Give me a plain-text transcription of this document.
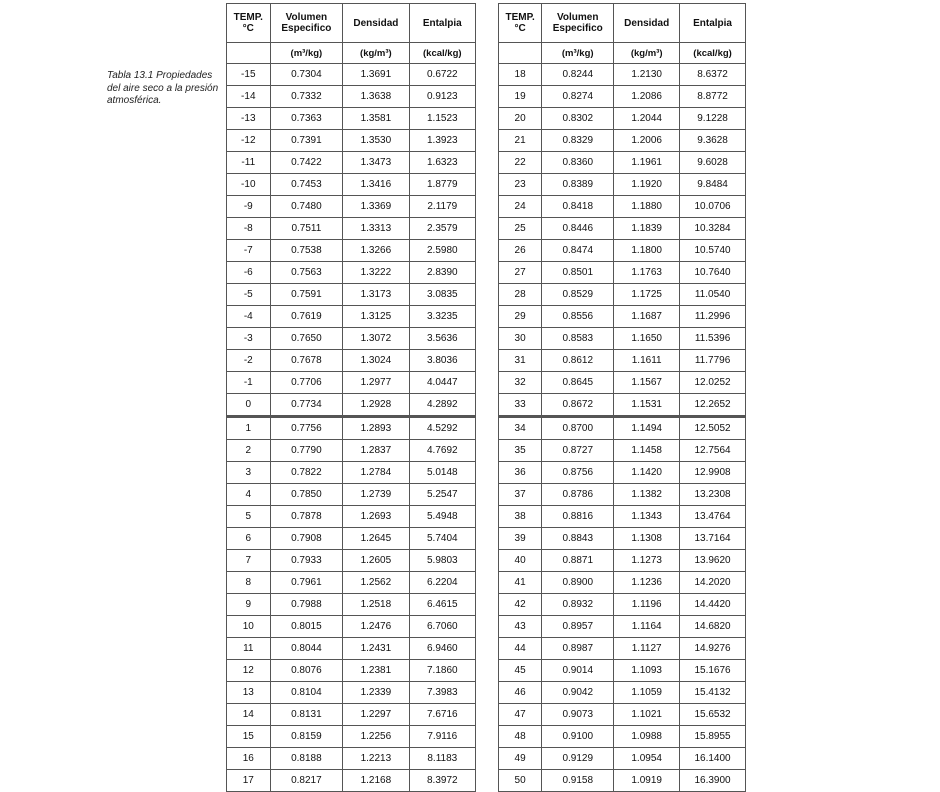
Tabla 13.1 Propiedades del aire seco a la presión atmosférica.
TEMP. °C	Volumen Especifico	Densidad	Entalpia
	(m³/kg)	(kg/m³)	(kcal/kg)
-15	0.7304	1.3691	0.6722
-14	0.7332	1.3638	0.9123
-13	0.7363	1.3581	1.1523
-12	0.7391	1.3530	1.3923
-11	0.7422	1.3473	1.6323
-10	0.7453	1.3416	1.8779
-9	0.7480	1.3369	2.1179
-8	0.7511	1.3313	2.3579
-7	0.7538	1.3266	2.5980
-6	0.7563	1.3222	2.8390
-5	0.7591	1.3173	3.0835
-4	0.7619	1.3125	3.3235
-3	0.7650	1.3072	3.5636
-2	0.7678	1.3024	3.8036
-1	0.7706	1.2977	4.0447
0	0.7734	1.2928	4.2892
1	0.7756	1.2893	4.5292
2	0.7790	1.2837	4.7692
3	0.7822	1.2784	5.0148
4	0.7850	1.2739	5.2547
5	0.7878	1.2693	5.4948
6	0.7908	1.2645	5.7404
7	0.7933	1.2605	5.9803
8	0.7961	1.2562	6.2204
9	0.7988	1.2518	6.4615
10	0.8015	1.2476	6.7060
11	0.8044	1.2431	6.9460
12	0.8076	1.2381	7.1860
13	0.8104	1.2339	7.3983
14	0.8131	1.2297	7.6716
15	0.8159	1.2256	7.9116
16	0.8188	1.2213	8.1183
17	0.8217	1.2168	8.3972
TEMP. °C	Volumen Especifico	Densidad	Entalpia
	(m³/kg)	(kg/m³)	(kcal/kg)
18	0.8244	1.2130	8.6372
19	0.8274	1.2086	8.8772
20	0.8302	1.2044	9.1228
21	0.8329	1.2006	9.3628
22	0.8360	1.1961	9.6028
23	0.8389	1.1920	9.8484
24	0.8418	1.1880	10.0706
25	0.8446	1.1839	10.3284
26	0.8474	1.1800	10.5740
27	0.8501	1.1763	10.7640
28	0.8529	1.1725	11.0540
29	0.8556	1.1687	11.2996
30	0.8583	1.1650	11.5396
31	0.8612	1.1611	11.7796
32	0.8645	1.1567	12.0252
33	0.8672	1.1531	12.2652
34	0.8700	1.1494	12.5052
35	0.8727	1.1458	12.7564
36	0.8756	1.1420	12.9908
37	0.8786	1.1382	13.2308
38	0.8816	1.1343	13.4764
39	0.8843	1.1308	13.7164
40	0.8871	1.1273	13.9620
41	0.8900	1.1236	14.2020
42	0.8932	1.1196	14.4420
43	0.8957	1.1164	14.6820
44	0.8987	1.1127	14.9276
45	0.9014	1.1093	15.1676
46	0.9042	1.1059	15.4132
47	0.9073	1.1021	15.6532
48	0.9100	1.0988	15.8955
49	0.9129	1.0954	16.1400
50	0.9158	1.0919	16.3900
